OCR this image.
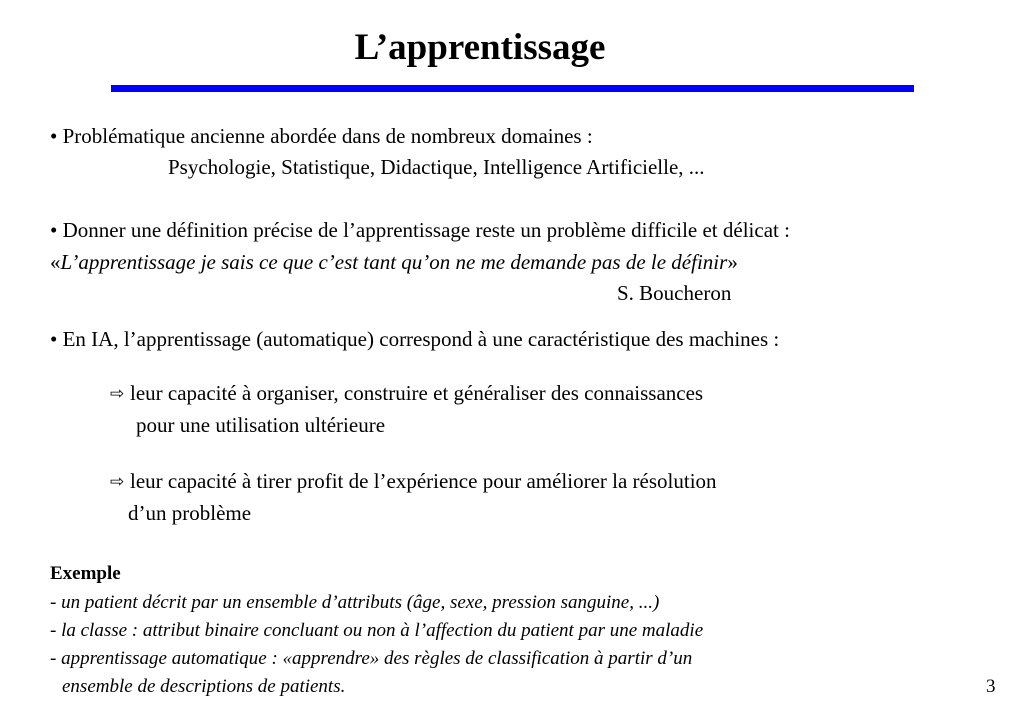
L’apprentissage
• Problématique ancienne abordée dans de nombreux domaines :
Psychologie, Statistique, Didactique, Intelligence Artificielle, ...
• Donner une définition précise de l’apprentissage reste un problème difficile et délicat :
«L’apprentissage je sais ce que c’est tant qu’on ne me demande pas de le définir»
S. Boucheron
• En IA, l’apprentissage (automatique) correspond à une caractéristique des machines :
⇨ leur capacité à organiser, construire et généraliser des connaissances
pour une utilisation ultérieure
⇨ leur capacité à tirer profit de l’expérience pour améliorer la résolution
d’un problème
Exemple
- un patient décrit par un ensemble d’attributs (âge, sexe, pression sanguine, ...)
- la classe : attribut binaire concluant ou non à l’affection du patient par une maladie
- apprentissage automatique : «apprendre» des règles de classification à partir d’un
ensemble de descriptions de patients.	3
